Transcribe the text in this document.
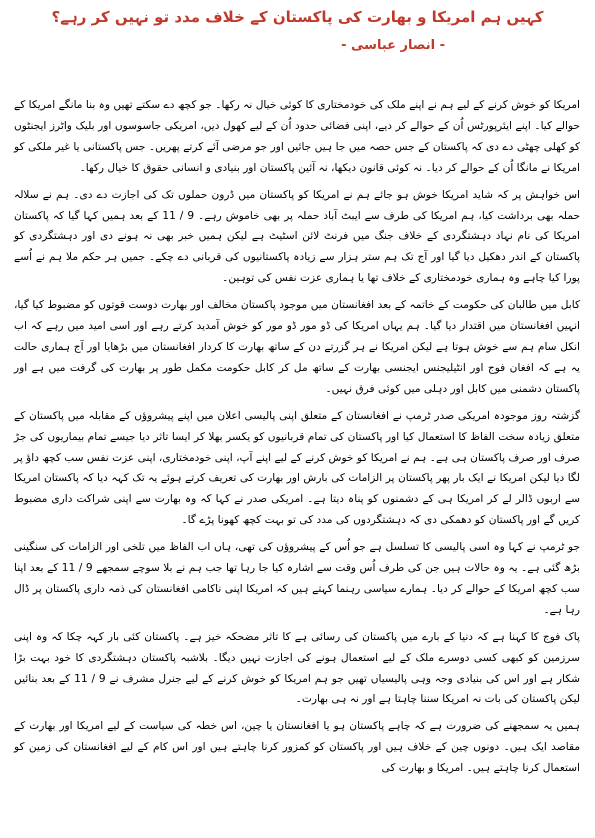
کہیں ہم امریکا و بھارت کی پاکستان کے خلاف مدد تو نہیں کر رہے؟
- انصار عباسی -

امریکا کو خوش کرنے کے لیے ہم نے اپنے ملک کی خودمختاری کا کوئی خیال نہ رکھا۔ جو کچھ دے سکتے تھیں وہ بنا مانگے امریکا کے حوالے کیا۔ اپنے ایئرپورٹس اُن کے حوالے کر دیے، اپنی فضائی حدود اُن کے لیے کھول دیں، امریکی جاسوسوں اور بلیک واٹرز ایجنٹوں کو کھلی چھٹی دے دی کہ پاکستان کے جس حصہ میں جا ہیں جائیں اور جو مرضی آئے کرتے پھریں۔ جس پاکستانی یا غیر ملکی کو امریکا نے مانگا اُن کے حوالے کر دیا۔ نہ کوئی قانون دیکھا، نہ آئین پاکستان اور بنیادی و انسانی حقوق کا خیال رکھا۔

اس خواہش پر کہ شاید امریکا خوش ہو جائے ہم نے امریکا کو پاکستان میں ڈرون حملوں تک کی اجازت دے دی۔ ہم نے سلالہ حملہ بھی برداشت کیا، ہم امریکا کی طرف سے ایبٹ آباد حملہ پر بھی خاموش رہے۔ 9 / 11 کے بعد ہمیں کہا گیا کہ پاکستان امریکا کی نام نہاد دہشتگردی کے خلاف جنگ میں فرنٹ لائن اسٹیٹ ہے لیکن ہمیں خبر بھی نہ ہونے دی اور دہشتگردی کو پاکستان کے اندر دھکیل دیا گیا اور آج تک ہم ستر ہزار سے زیادہ پاکستانیوں کی قربانی دے چکے۔ جمیں ہر حکم ملا ہم نے اُسے پورا کیا چاہے وہ ہماری خودمختاری کے خلاف تھا یا ہماری عزت نفس کی توہین۔

کابل میں طالبان کی حکومت کے خاتمہ کے بعد افغانستان میں موجود پاکستان مخالف اور بھارت دوست قوتوں کو مضبوط کیا گیا، انہیں افغانستان میں اقتدار دیا گیا۔ ہم یہاں امریکا کی ڈو مور ڈو مور کو خوش آمدید کرتے رہے اور اسی امید میں رہے کہ اب انکل سام ہم سے خوش ہوتا ہے لیکن امریکا نے ہر گزرتے دن کے ساتھ بھارت کا کردار افغانستان میں بڑھایا اور آج ہماری حالت یہ ہے کہ افغان فوج اور انٹیلیجنس ایجنسی بھارت کے ساتھ مل کر کابل حکومت مکمل طور پر بھارت کی گرفت میں ہے اور پاکستان دشمنی میں کابل اور دہلی میں کوئی فرق نہیں۔

گزشتہ روز موجودہ امریکی صدر ٹرمپ نے افغانستان کے متعلق اپنی پالیسی اعلان میں اپنے پیشروؤں کے مقابلہ میں پاکستان کے متعلق زیادہ سخت الفاظ کا استعمال کیا اور پاکستان کی تمام قربانیوں کو یکسر بھلا کر ایسا تاثر دیا جیسے تمام بیماریوں کی جڑ صرف اور صرف پاکستان ہی ہے۔ ہم نے امریکا کو خوش کرنے کے لیے اپنے آپ، اپنی خودمختاری، اپنی عزت نفس سب کچھ داؤ پر لگا دیا لیکن امریکا نے ایک بار پھر پاکستان پر الزامات کی بارش اور بھارت کی تعریف کرتے ہوئے یہ تک کہہ دیا کہ پاکستان امریکا سے اربوں ڈالر لے کر امریکا ہی کے دشمنوں کو پناہ دیتا ہے۔ امریکی صدر نے کہا کہ وہ بھارت سے اپنی شراکت داری مضبوط کریں گے اور پاکستان کو دھمکی دی کہ دہشتگردوں کی مدد کی تو بہت کچھ کھونا پڑے گا۔

جو ٹرمپ نے کہا وہ اسی پالیسی کا تسلسل ہے جو اُس کے پیشروؤں کی تھی، ہاں اب الفاظ میں تلخی اور الزامات کی سنگینی بڑھ گئی ہے۔ یہ وہ حالات ہیں جن کی طرف اُس وقت سے اشارہ کیا جا رہا تھا جب ہم نے بلا سوچے سمجھے 9 / 11 کے بعد اپنا سب کچھ امریکا کے حوالے کر دیا۔ ہمارے سیاسی رہنما کہتے ہیں کہ امریکا اپنی ناکامی افغانستان کی ذمہ داری پاکستان پر ڈال رہا ہے۔

پاک فوج کا کہنا ہے کہ دنیا کے بارے میں پاکستان کی رسائی ہے کا تاثر مضحکہ خیز ہے۔ پاکستان کئی بار کہہ چکا کہ وہ اپنی سرزمین کو کبھی کسی دوسرے ملک کے لیے استعمال ہونے کی اجازت نہیں دیگا۔ بلاشبہ پاکستان دہشتگردی کا خود بہت بڑا شکار ہے اور اس کی بنیادی وجہ وہی پالیسیاں تھیں جو ہم امریکا کو خوش کرنے کے لیے جنرل مشرف نے 9 / 11 کے بعد بنائیں لیکن پاکستان کی بات نہ امریکا سننا چاہتا ہے اور نہ ہی بھارت۔

ہمیں یہ سمجھنے کی ضرورت ہے کہ چاہے پاکستان ہو یا افغانستان یا چین، اس خطہ کی سیاست کے لیے امریکا اور بھارت کے مقاصد ایک ہیں۔ دونوں چین کے خلاف ہیں اور پاکستان کو کمزور کرنا چاہتے ہیں اور اس کام کے لیے افغانستان کی زمین کو استعمال کرنا چاہتے ہیں۔ امریکا و بھارت کی
